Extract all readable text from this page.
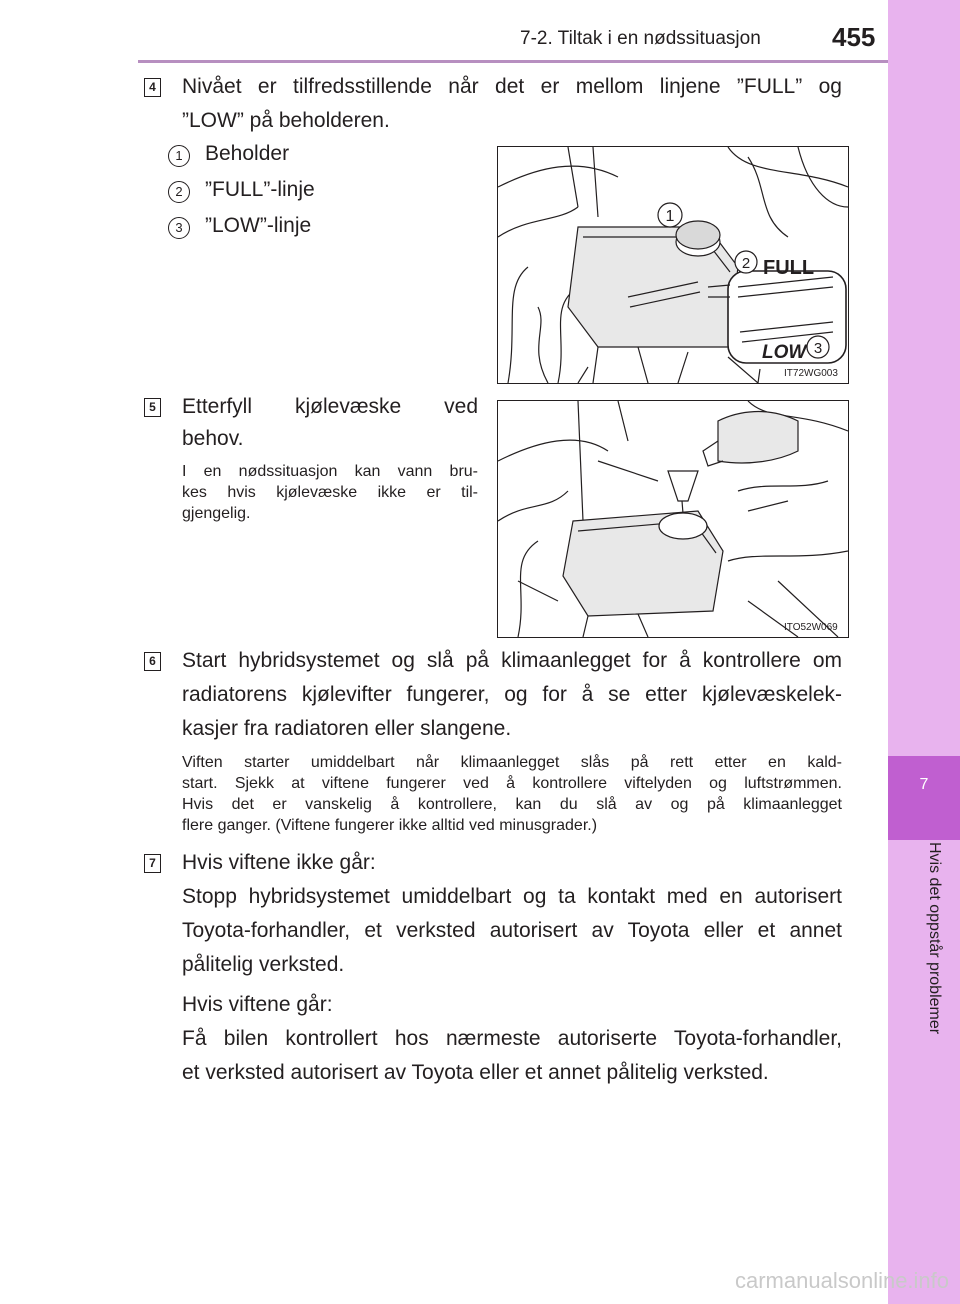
7-2. Tiltak i en nødssituasjon	455
7
Hvis det oppstår problemer
4 Nivået er tilfredsstillende når det er mellom linjene ”FULL” og
”LOW” på beholderen.
1	Beholder
2	”FULL”-linje
3	”LOW”-linje	1
2 FULL
LOW 3
IT72WG003
5 Etterfyll kjølevæske ved
behov.
I en nødssituasjon kan vann bru-
kes hvis kjølevæske ikke er til-
gjengelig.
ITO52W069
6 Start hybridsystemet og slå på klimaanlegget for å kontrollere om
radiatorens kjølevifter fungerer, og for å se etter kjølevæskelek-
kasjer fra radiatoren eller slangene.
Viften starter umiddelbart når klimaanlegget slås på rett etter en kald-
start. Sjekk at viftene fungerer ved å kontrollere viftelyden og luftstrømmen.
Hvis det er vanskelig å kontrollere, kan du slå av og på klimaanlegget
flere ganger. (Viftene fungerer ikke alltid ved minusgrader.)
7 Hvis viftene ikke går:
Stopp hybridsystemet umiddelbart og ta kontakt med en autorisert
Toyota-forhandler, et verksted autorisert av Toyota eller et annet
pålitelig verksted.
Hvis viftene går:
Få bilen kontrollert hos nærmeste autoriserte Toyota-forhandler,
et verksted autorisert av Toyota eller et annet pålitelig verksted.
carmanualsonline.info
